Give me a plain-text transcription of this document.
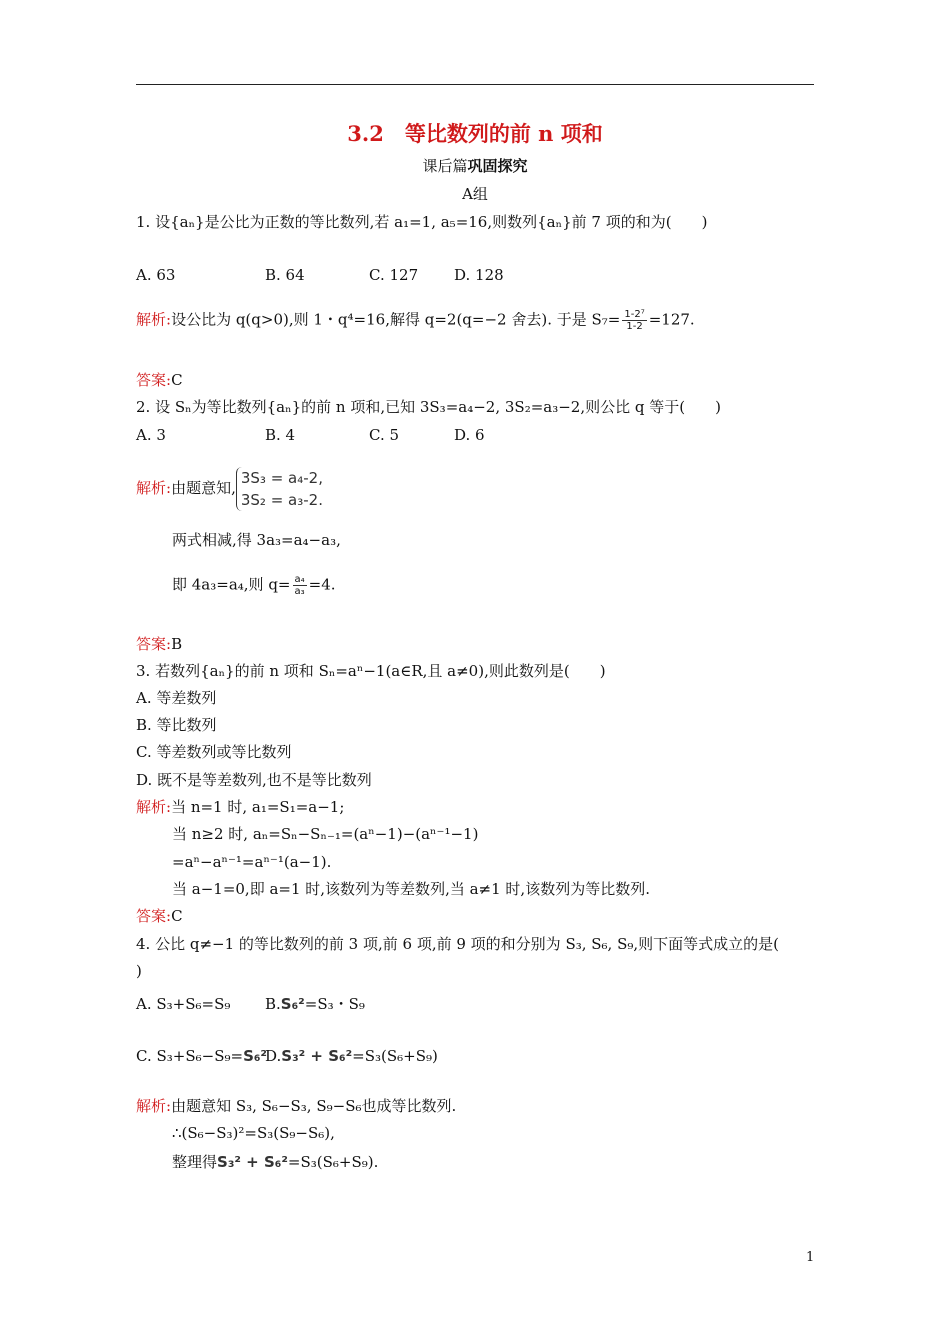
3.2　等比数列的前 n 项和
课后篇巩固探究
A组
1. 设{aₙ}是公比为正数的等比数列,若 a₁=1, a₅=16,则数列{aₙ}前 7 项的和为(　　)
A. 63	B. 64	C. 127 D. 128
解析:设公比为 q(q>0),则 1・q⁴=16,解得 q=2(q=−2 舍去). 于是 $S_7= \frac{\text{1-2⁷}}{1-2} =127$.
答案:C
2. 设 Sₙ为等比数列{aₙ}的前 n 项和,已知 3S₃=a₄−2, 3S₂=a₃−2,则公比 q 等于(　　)
A. 3	B. 4	C. 5	D. 6
解析:由题意知,
3S₃ = a₄-2,
3S₂ = a₃-2.
两式相减,得 3a₃=a₄−a₃,
即 4a₃=a₄,则 $q= \frac{\text{a₄}}{\text{a₃}} =4$.
答案:B
3. 若数列{aₙ}的前 n 项和 Sₙ=aⁿ−1(a∈R,且 a≠0),则此数列是(　　)
A. 等差数列
B. 等比数列
C. 等差数列或等比数列
D. 既不是等差数列,也不是等比数列
解析:当 n=1 时, a₁=S₁=a−1;
当 n≥2 时, aₙ=Sₙ−Sₙ₋₁=(aⁿ−1)−(aⁿ⁻¹−1)
=aⁿ−aⁿ⁻¹=aⁿ⁻¹(a−1).
当 a−1=0,即 a=1 时,该数列为等差数列,当 a≠1 时,该数列为等比数列.
答案:C
4. 公比 q≠−1 的等比数列的前 3 项,前 6 项,前 9 项的和分别为 S₃, S₆, S₉,则下面等式成立的是(
)
A. S₃+S₆=S₉ B.S₆²=S₃・S₉
C. S₃+S₆−S₉=S₆²
D.S₃² + S₆²=S₃(S₆+S₉)
解析:由题意知 S₃, S₆−S₃, S₉−S₆也成等比数列.
∴(S₆−S₃)²=S₃(S₉−S₆),
整理得S₃² + S₆²=S₃(S₆+S₉).
1
